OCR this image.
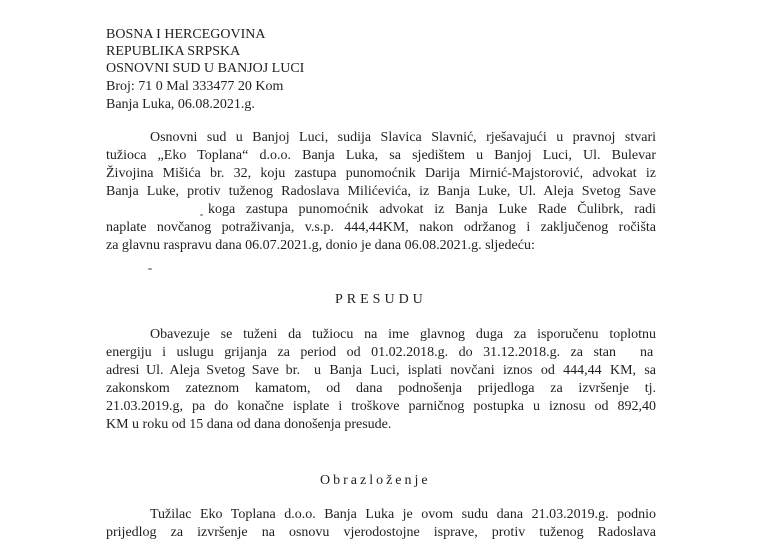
BOSNA I HERCEGOVINA
REPUBLIKA SRPSKA
OSNOVNI SUD U BANJOJ LUCI
Broj: 71 0 Mal 333477 20 Kom
Banja Luka, 06.08.2021.g.
Osnovni sud u Banjoj Luci, sudija Slavica Slavnić, rješavajući u pravnoj stvari
tužioca „Eko Toplana“ d.o.o. Banja Luka, sa sjedištem u Banjoj Luci, Ul. Bulevar
Živojina Mišića br. 32, koju zastupa punomoćnik Darija Mirnić-Majstorović, advokat iz
Banja Luke, protiv tuženog Radoslava Milićevića, iz Banja Luke, Ul. Aleja Svetog Save
koga zastupa punomoćnik advokat iz Banja Luke Rade Čulibrk, radi
naplate novčanog potraživanja, v.s.p. 444,44KM, nakon održanog i zaključenog ročišta
za glavnu raspravu dana 06.07.2021.g, donio je dana 06.08.2021.g. sljedeću:
PRESUDU
Obavezuje se tuženi da tužiocu na ime glavnog duga za isporučenu toplotnu
energiju i uslugu grijanja za period od 01.02.2018.g. do 31.12.2018.g. za stan na
adresi Ul. Aleja Svetog Save br. u Banja Luci, isplati novčani iznos od 444,44 KM, sa
zakonskom zateznom kamatom, od dana podnošenja prijedloga za izvršenje tj.
21.03.2019.g, pa do konačne isplate i troškove parničnog postupka u iznosu od 892,40
KM u roku od 15 dana od dana donošenja presude.
Obrazloženje
Tužilac Eko Toplana d.o.o. Banja Luka je ovom sudu dana 21.03.2019.g. podnio
prijedlog za izvršenje na osnovu vjerodostojne isprave, protiv tuženog Radoslava
